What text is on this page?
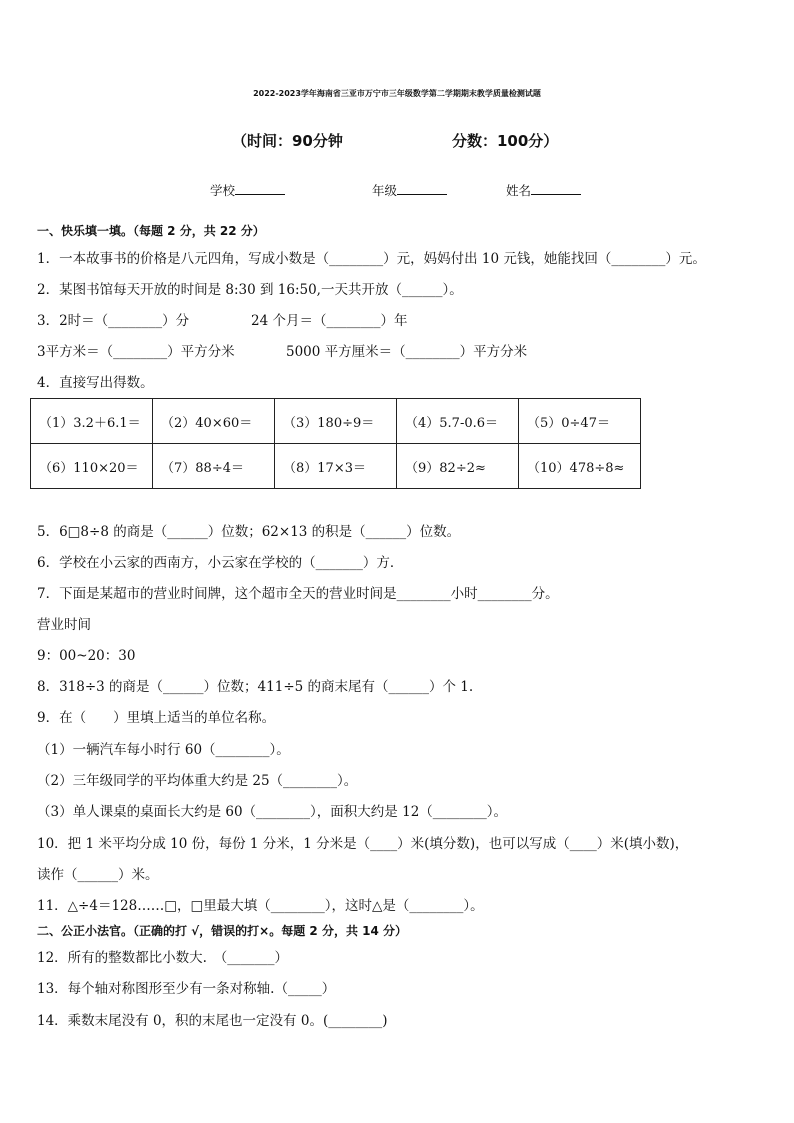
2022-2023学年海南省三亚市万宁市三年级数学第二学期期末教学质量检测试题
（时间：90分钟	分数：100分）
学校	年级	姓名
一、快乐填一填。（每题 2 分，共 22 分）
1．一本故事书的价格是八元四角，写成小数是（________）元，妈妈付出 10 元钱，她能找回（________）元。
2．某图书馆每天开放的时间是 8:30 到 16:50,一天共开放（______）。
3．2时＝（________）分	24 个月＝（________）年
3平方米＝（________）平方分米	5000 平方厘米＝（________）平方分米
4．直接写出得数。
（1）3.2＋6.1＝	（2）40×60＝	（3）180÷9＝	（4）5.7-0.6＝	（5）0÷47＝
（6）110×20＝	（7）88÷4＝	（8）17×3＝	（9）82÷2≈	（10）478÷8≈
5．6□8÷8 的商是（______）位数；62×13 的积是（______）位数。
6．学校在小云家的西南方，小云家在学校的（_______）方．
7．下面是某超市的营业时间牌，这个超市全天的营业时间是________小时________分。
营业时间
9：00~20：30
8．318÷3 的商是（______）位数；411÷5 的商末尾有（______）个 1.
9．在（　　）里填上适当的单位名称。
（1）一辆汽车每小时行 60（________）。
（2）三年级同学的平均体重大约是 25（________）。
（3）单人课桌的桌面长大约是 60（________），面积大约是 12（________）。
10．把 1 米平均分成 10 份，每份 1 分米，1 分米是（____）米(填分数)，也可以写成（____）米(填小数)，
读作（______）米。
11．△÷4＝128……□，□里最大填（________），这时△是（________）。
二、公正小法官。（正确的打 √，错误的打×。每题 2 分，共 14 分）
12．所有的整数都比小数大.　（_______）
13．每个轴对称图形至少有一条对称轴.（_____）
14．乘数末尾没有 0，积的末尾也一定没有 0。(________)
